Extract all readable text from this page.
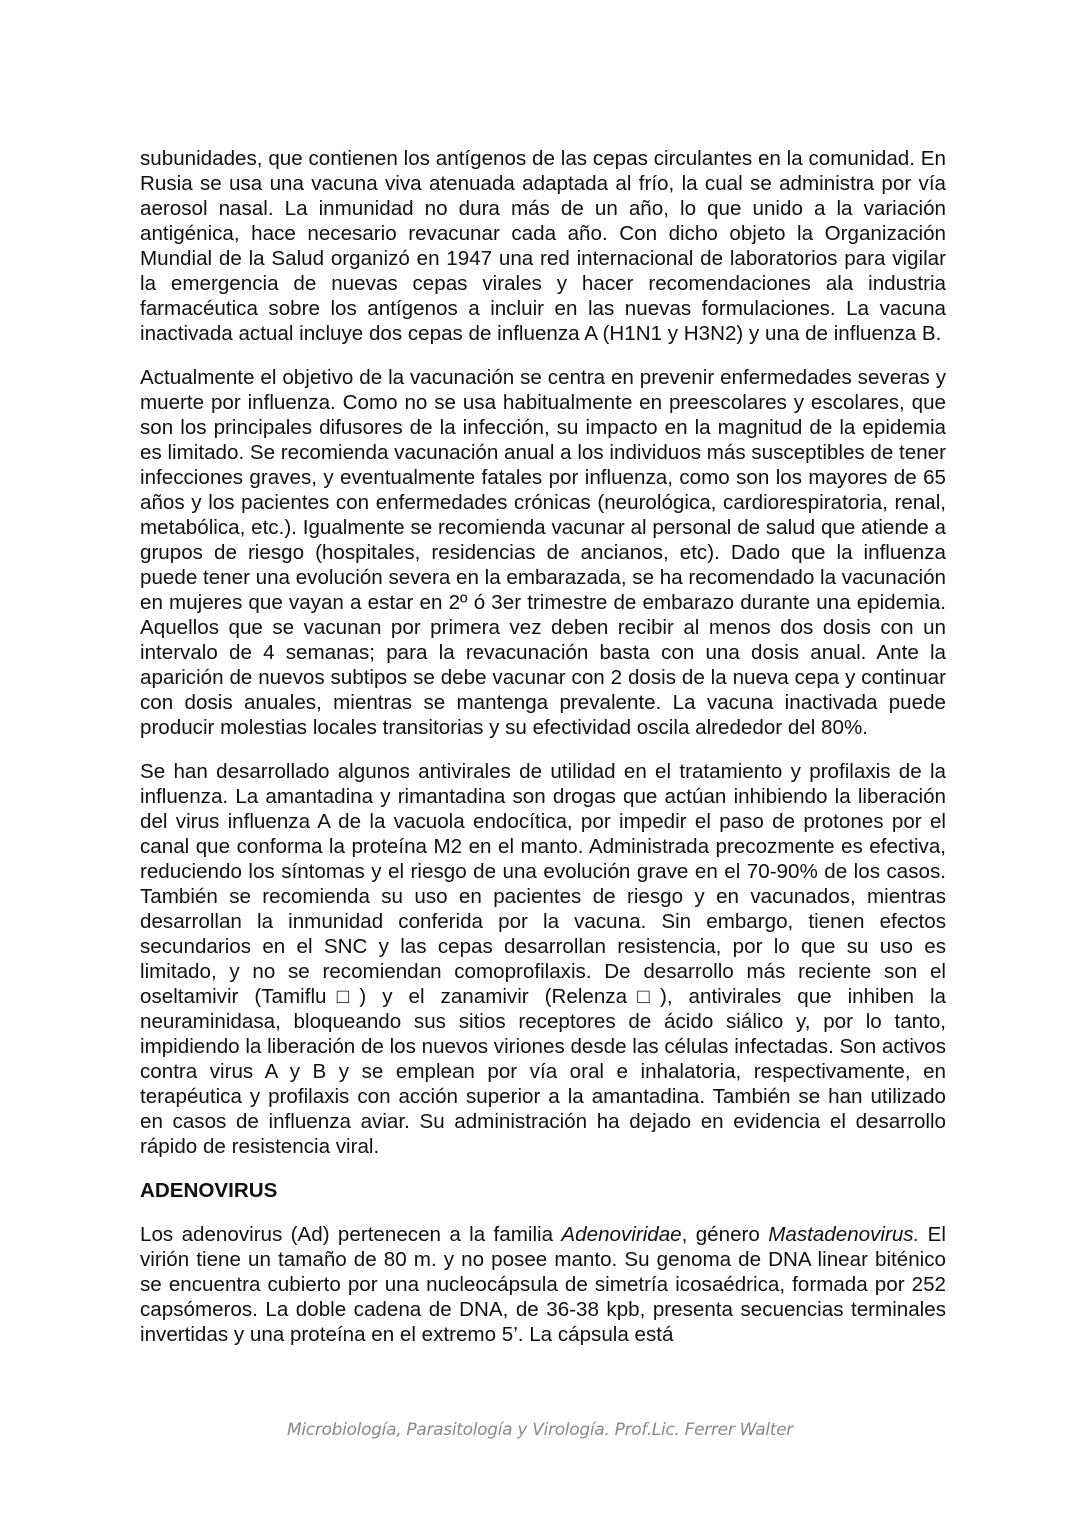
subunidades, que contienen los antígenos de las cepas circulantes en la comunidad. En Rusia se usa una vacuna viva atenuada adaptada al frío, la cual se administra por vía aerosol nasal. La inmunidad no dura más de un año, lo que unido a la variación antigénica, hace necesario revacunar cada año. Con dicho objeto la Organización Mundial de la Salud organizó en 1947 una red internacional de laboratorios para vigilar la emergencia de nuevas cepas virales y hacer recomendaciones ala industria farmacéutica sobre los antígenos a incluir en las nuevas formulaciones. La vacuna inactivada actual incluye dos cepas de influenza A (H1N1 y H3N2) y una de influenza B.

Actualmente el objetivo de la vacunación se centra en prevenir enfermedades severas y muerte por influenza. Como no se usa habitualmente en preescolares y escolares, que son los principales difusores de la infección, su impacto en la magnitud de la epidemia es limitado. Se recomienda vacunación anual a los individuos más susceptibles de tener infecciones graves, y eventualmente fatales por influenza, como son los mayores de 65 años y los pacientes con enfermedades crónicas (neurológica, cardiorespiratoria, renal, metabólica, etc.). Igualmente se recomienda vacunar al personal de salud que atiende a grupos de riesgo (hospitales, residencias de ancianos, etc). Dado que la influenza puede tener una evolución severa en la embarazada, se ha recomendado la vacunación en mujeres que vayan a estar en 2º ó 3er trimestre de embarazo durante una epidemia. Aquellos que se vacunan por primera vez deben recibir al menos dos dosis con un intervalo de 4 semanas; para la revacunación basta con una dosis anual. Ante la aparición de nuevos subtipos se debe vacunar con 2 dosis de la nueva cepa y continuar con dosis anuales, mientras se mantenga prevalente. La vacuna inactivada puede producir molestias locales transitorias y su efectividad oscila alrededor del 80%.

Se han desarrollado algunos antivirales de utilidad en el tratamiento y profilaxis de la influenza. La amantadina y rimantadina son drogas que actúan inhibiendo la liberación del virus influenza A de la vacuola endocítica, por impedir el paso de protones por el canal que conforma la proteína M2 en el manto. Administrada precozmente es efectiva, reduciendo los síntomas y el riesgo de una evolución grave en el 70-90% de los casos. También se recomienda su uso en pacientes de riesgo y en vacunados, mientras desarrollan la inmunidad conferida por la vacuna. Sin embargo, tienen efectos secundarios en el SNC y las cepas desarrollan resistencia, por lo que su uso es limitado, y no se recomiendan comoprofilaxis. De desarrollo más reciente son el oseltamivir (Tamiflu□) y el zanamivir (Relenza□), antivirales que inhiben la neuraminidasa, bloqueando sus sitios receptores de ácido siálico y, por lo tanto, impidiendo la liberación de los nuevos viriones desde las células infectadas. Son activos contra virus A y B y se emplean por vía oral e inhalatoria, respectivamente, en terapéutica y profilaxis con acción superior a la amantadina. También se han utilizado en casos de influenza aviar. Su administración ha dejado en evidencia el desarrollo rápido de resistencia viral.

ADENOVIRUS

Los adenovirus (Ad) pertenecen a la familia Adenoviridae, género Mastadenovirus. El virión tiene un tamaño de 80 m. y no posee manto. Su genoma de DNA linear biténico se encuentra cubierto por una nucleocápsula de simetría icosaédrica, formada por 252 capsómeros. La doble cadena de DNA, de 36-38 kpb, presenta secuencias terminales invertidas y una proteína en el extremo 5’. La cápsula está

Microbiología, Parasitología y Virología. Prof.Lic. Ferrer Walter
